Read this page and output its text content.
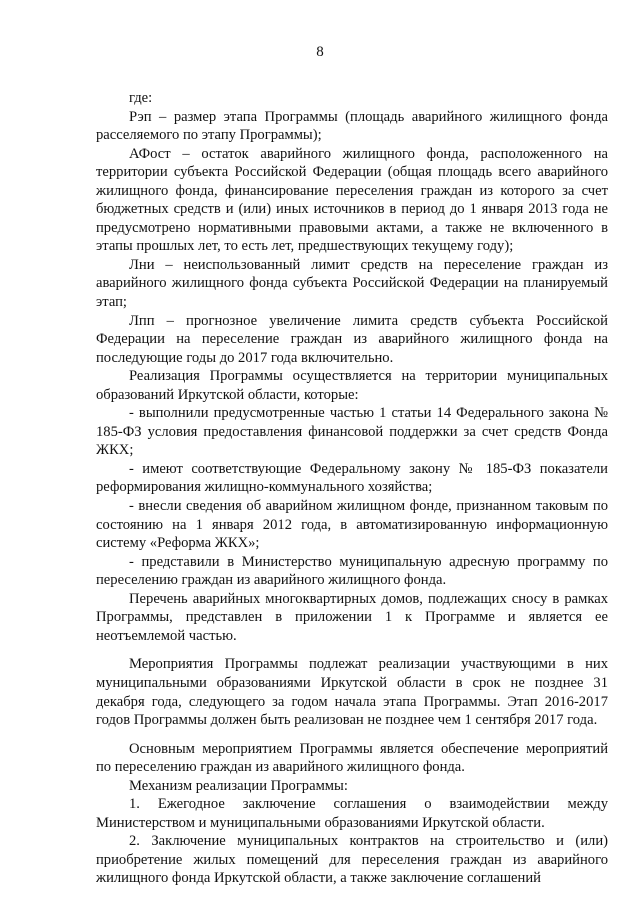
8

где:

Рэп – размер этапа Программы (площадь аварийного жилищного фонда расселяемого по этапу Программы);

АФост – остаток аварийного жилищного фонда, расположенного на территории субъекта Российской Федерации (общая площадь всего аварийного жилищного фонда, финансирование переселения граждан из которого за счет бюджетных средств и (или) иных источников в период до 1 января 2013 года не предусмотрено нормативными правовыми актами, а также не включенного в этапы прошлых лет, то есть лет, предшествующих текущему году);

Лни – неиспользованный лимит средств на переселение граждан из аварийного жилищного фонда субъекта Российской Федерации на планируемый этап;

Лпп – прогнозное увеличение лимита средств субъекта Российской Федерации на переселение граждан из аварийного жилищного фонда на последующие годы до 2017 года включительно.

Реализация Программы осуществляется на территории муниципальных образований Иркутской области, которые:

- выполнили предусмотренные частью 1 статьи 14 Федерального закона № 185-ФЗ условия предоставления финансовой поддержки за счет средств Фонда ЖКХ;

- имеют соответствующие Федеральному закону № 185-ФЗ показатели реформирования жилищно-коммунального хозяйства;

- внесли сведения об аварийном жилищном фонде, признанном таковым по состоянию на 1 января 2012 года, в автоматизированную информационную систему «Реформа ЖКХ»;

- представили в Министерство муниципальную адресную программу по переселению граждан из аварийного жилищного фонда.

Перечень аварийных многоквартирных домов, подлежащих сносу в рамках Программы, представлен в приложении 1 к Программе и является ее неотъемлемой частью.

Мероприятия Программы подлежат реализации участвующими в них муниципальными образованиями Иркутской области в срок не позднее 31 декабря года, следующего за годом начала этапа Программы. Этап 2016-2017 годов Программы должен быть реализован не позднее чем 1 сентября 2017 года.

Основным мероприятием Программы является обеспечение мероприятий по переселению граждан из аварийного жилищного фонда.

Механизм реализации Программы:

1. Ежегодное заключение соглашения о взаимодействии между Министерством и муниципальными образованиями Иркутской области.

2. Заключение муниципальных контрактов на строительство и (или) приобретение жилых помещений для переселения граждан из аварийного жилищного фонда Иркутской области, а также заключение соглашений
